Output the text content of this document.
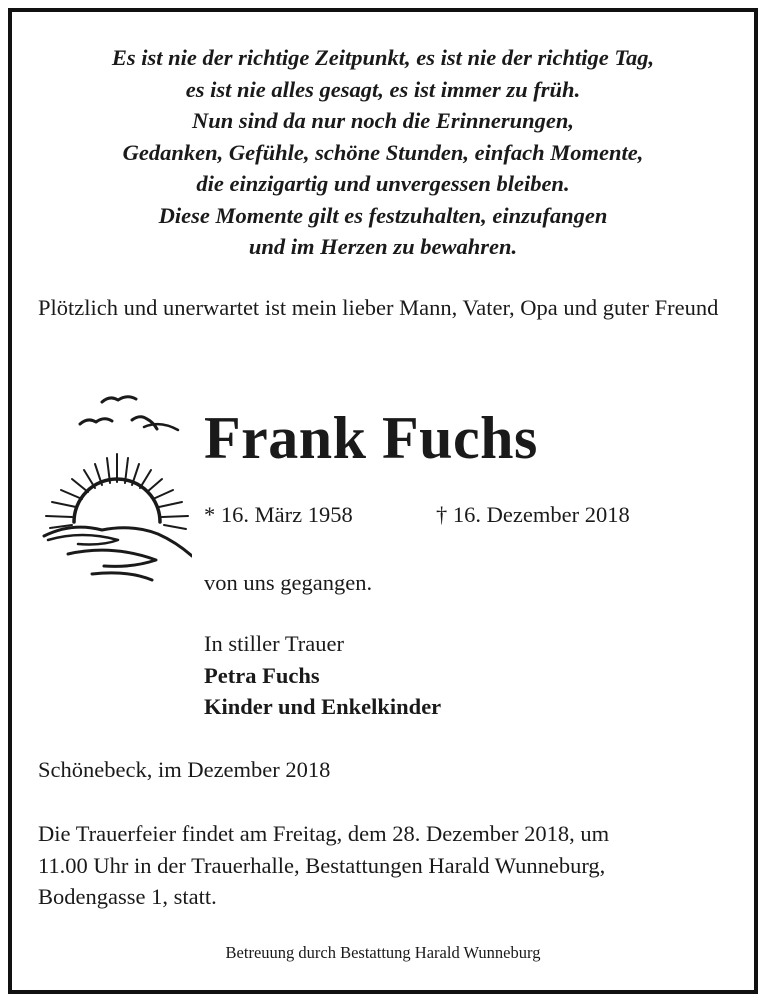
Es ist nie der richtige Zeitpunkt, es ist nie der richtige Tag,
es ist nie alles gesagt, es ist immer zu früh.
Nun sind da nur noch die Erinnerungen,
Gedanken, Gefühle, schöne Stunden, einfach Momente,
die einzigartig und unvergessen bleiben.
Diese Momente gilt es festzuhalten, einzufangen
und im Herzen zu bewahren.
Plötzlich und unerwartet ist mein lieber Mann, Vater, Opa und guter Freund
Frank Fuchs
* 16. März 1958	† 16. Dezember 2018
von uns gegangen.
In stiller Trauer
Petra Fuchs
Kinder und Enkelkinder
Schönebeck, im Dezember 2018
Die Trauerfeier findet am Freitag, dem 28. Dezember 2018, um
11.00 Uhr in der Trauerhalle, Bestattungen Harald Wunneburg,
Bodengasse 1, statt.
Betreuung durch Bestattung Harald Wunneburg
